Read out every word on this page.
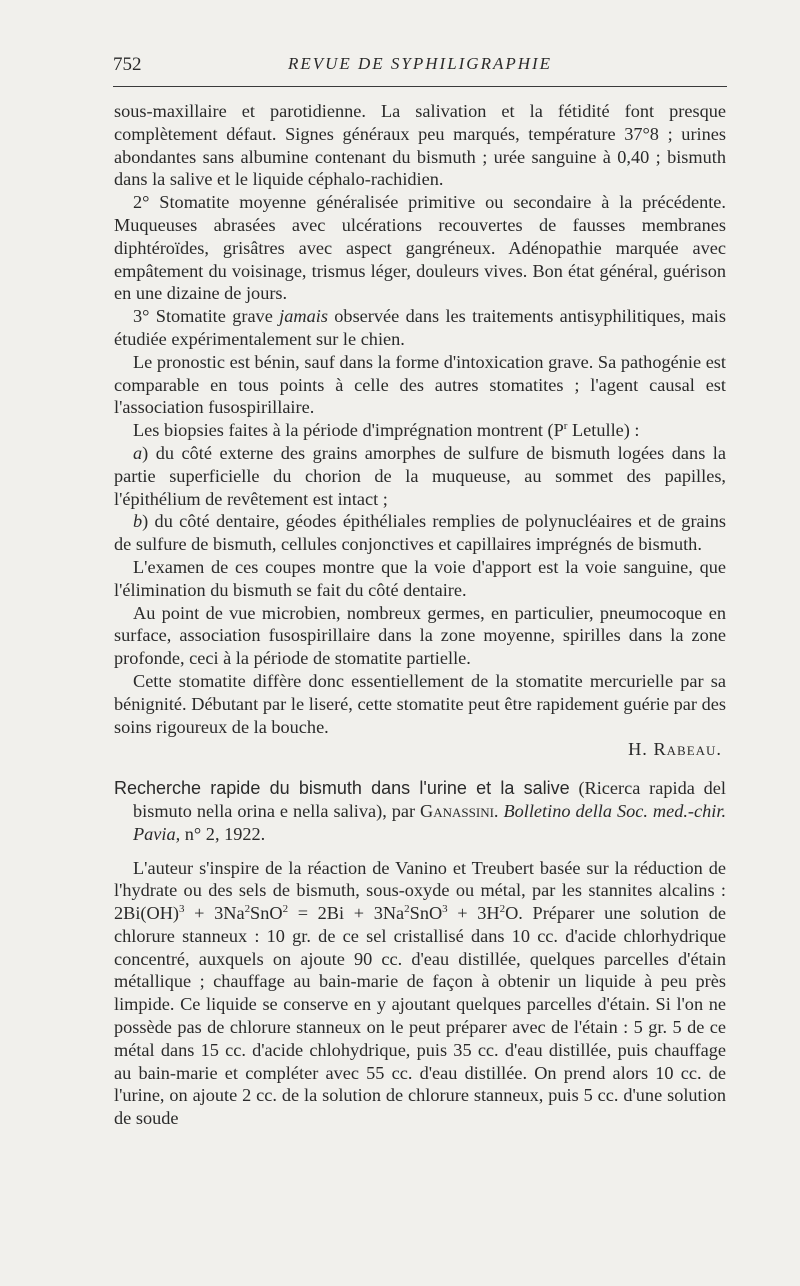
752	REVUE DE SYPHILIGRAPHIE

sous-maxillaire et parotidienne. La salivation et la fétidité font presque complètement défaut. Signes généraux peu marqués, température 37°8 ; urines abondantes sans albumine contenant du bismuth ; urée sanguine à 0,40 ; bismuth dans la salive et le liquide céphalo-rachidien.

2° Stomatite moyenne généralisée primitive ou secondaire à la précédente. Muqueuses abrasées avec ulcérations recouvertes de fausses membranes diphtéroïdes, grisâtres avec aspect gangréneux. Adénopathie marquée avec empâtement du voisinage, trismus léger, douleurs vives. Bon état général, guérison en une dizaine de jours.

3° Stomatite grave jamais observée dans les traitements antisyphilitiques, mais étudiée expérimentalement sur le chien.

Le pronostic est bénin, sauf dans la forme d'intoxication grave. Sa pathogénie est comparable en tous points à celle des autres stomatites ; l'agent causal est l'association fusospirillaire.

Les biopsies faites à la période d'imprégnation montrent ($P^r$ Letulle) :

a) du côté externe des grains amorphes de sulfure de bismuth logées dans la partie superficielle du chorion de la muqueuse, au sommet des papilles, l'épithélium de revêtement est intact ;

b) du côté dentaire, géodes épithéliales remplies de polynucléaires et de grains de sulfure de bismuth, cellules conjonctives et capillaires imprégnés de bismuth.

L'examen de ces coupes montre que la voie d'apport est la voie sanguine, que l'élimination du bismuth se fait du côté dentaire.

Au point de vue microbien, nombreux germes, en particulier, pneumocoque en surface, association fusospirillaire dans la zone moyenne, spirilles dans la zone profonde, ceci à la période de stomatite partielle.

Cette stomatite diffère donc essentiellement de la stomatite mercurielle par sa bénignité. Débutant par le liseré, cette stomatite peut être rapidement guérie par des soins rigoureux de la bouche.

H. Rabeau.

Recherche rapide du bismuth dans l'urine et la salive (Ricerca rapida del bismuto nella orina e nella saliva), par Ganassini. Bolletino della Soc. med.-chir. Pavia, n° 2, 1922.

L'auteur s'inspire de la réaction de Vanino et Treubert basée sur la réduction de l'hydrate ou des sels de bismuth, sous-oxyde ou métal, par les stannites alcalins : $2Bi(OH)^3 + 3Na^2SnO^2 = 2Bi + 3Na^2SnO^3 + 3H^2O$. Préparer une solution de chlorure stanneux : 10 gr. de ce sel cristallisé dans 10 cc. d'acide chlorhydrique concentré, auxquels on ajoute 90 cc. d'eau distillée, quelques parcelles d'étain métallique ; chauffage au bain-marie de façon à obtenir un liquide à peu près limpide. Ce liquide se conserve en y ajoutant quelques parcelles d'étain. Si l'on ne possède pas de chlorure stanneux on le peut préparer avec de l'étain : 5 gr. 5 de ce métal dans 15 cc. d'acide chlohydrique, puis 35 cc. d'eau distillée, puis chauffage au bain-marie et compléter avec 55 cc. d'eau distillée. On prend alors 10 cc. de l'urine, on ajoute 2 cc. de la solution de chlorure stanneux, puis 5 cc. d'une solution de soude
